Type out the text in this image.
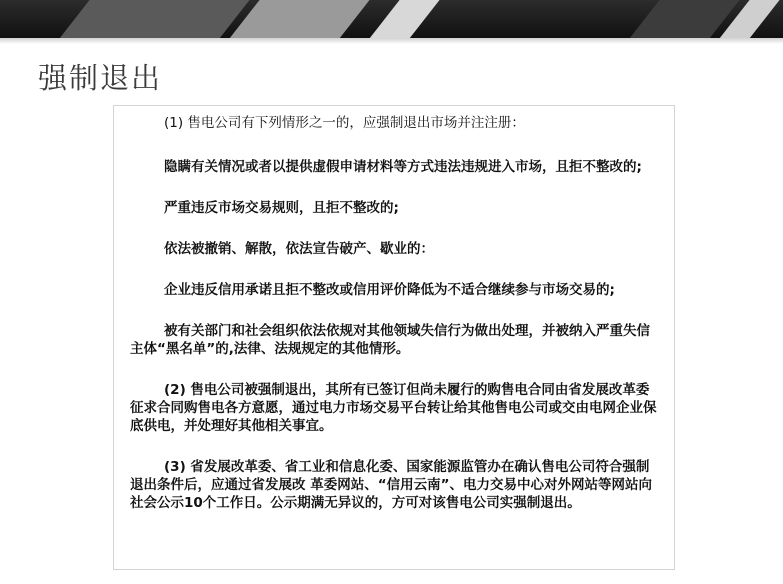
强制退出

(1) 售电公司有下列情形之一的，应强制退出市场并注注册：

隐瞒有关情况或者以提供虚假申请材料等方式违法违规进入市场，且拒不整改的;

严重违反市场交易规则，且拒不整改的;

依法被撤销、解散，依法宣告破产、歇业的：

企业违反信用承诺且拒不整改或信用评价降低为不适合继续参与市场交易的;

被有关部门和社会组织依法依规对其他领域失信行为做出处理，并被纳入严重失信主体“黑名单”的,法律、法规规定的其他情形。

(2) 售电公司被强制退出，其所有已签订但尚未履行的购售电合同由省发展改革委征求合同购售电各方意愿，通过电力市场交易平台转让给其他售电公司或交由电网企业保底供电，并处理好其他相关事宜。

(3) 省发展改革委、省工业和信息化委、国家能源监管办在确认售电公司符合强制退出条件后，应通过省发展改 革委网站、“信用云南”、电力交易中心对外网站等网站向社会公示10个工作日。公示期满无异议的，方可对该售电公司实强制退出。
